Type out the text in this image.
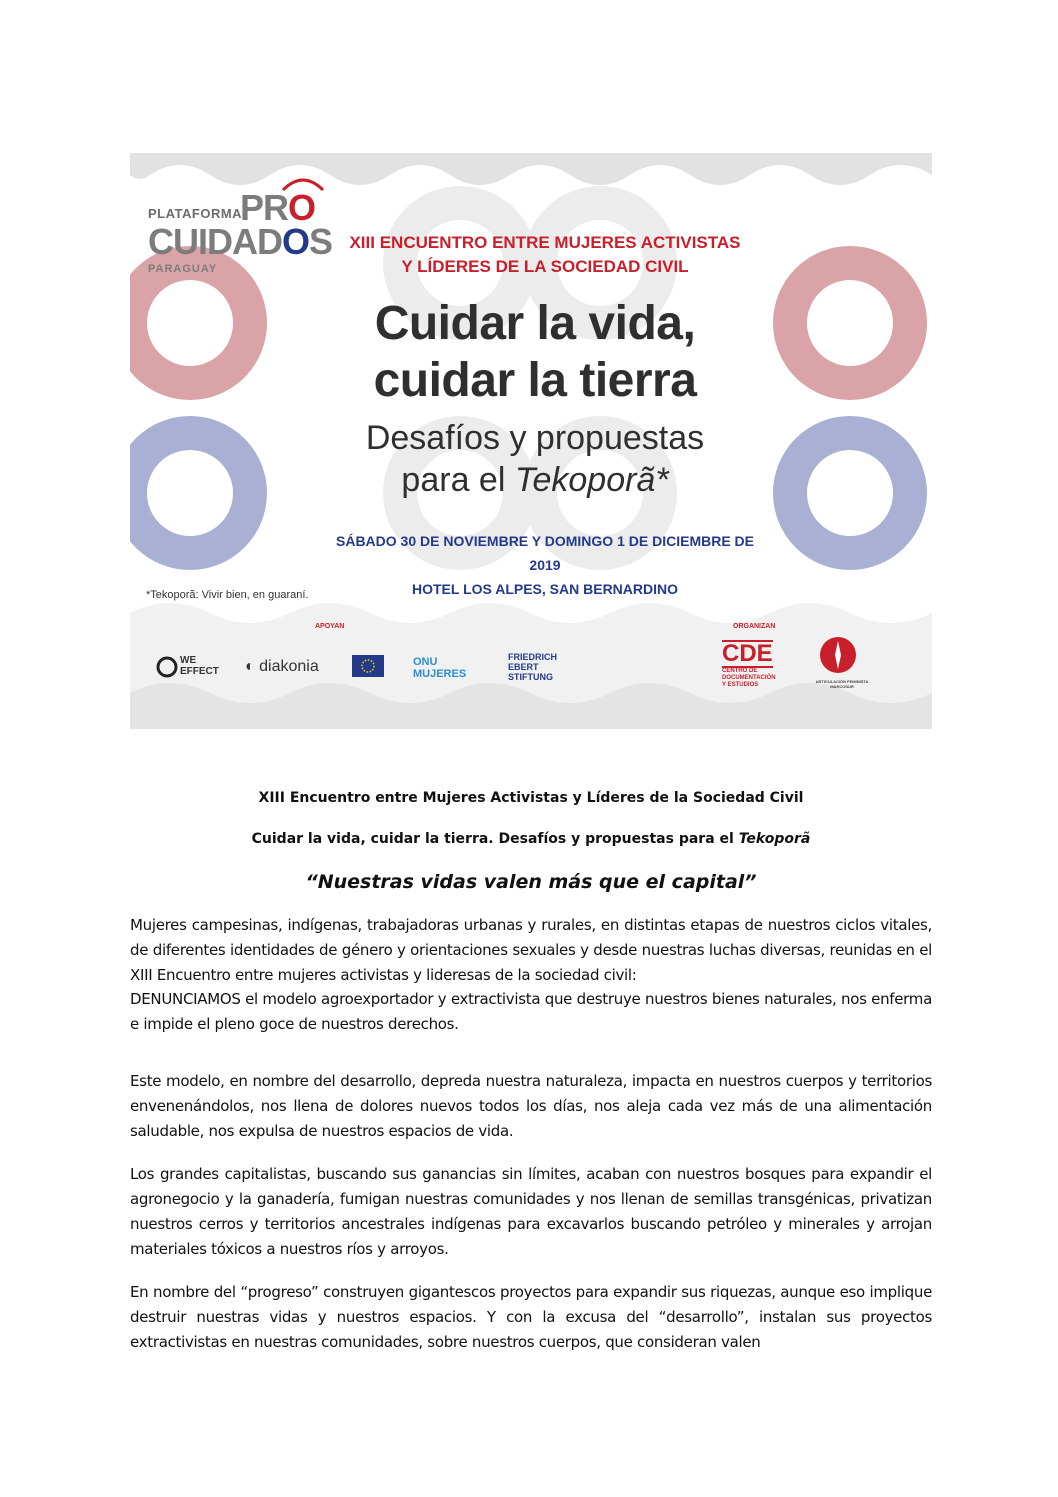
PLATAFORMA
PRO
CUIDADOS
PARAGUAY
XIII ENCUENTRO ENTRE MUJERES ACTIVISTAS
Y LÍDERES DE LA SOCIEDAD CIVIL
Cuidar la vida,
cuidar la tierra
Desafíos y propuestas
para el Tekoporã*
SÁBADO 30 DE NOVIEMBRE Y DOMINGO 1 DE DICIEMBRE DE 2019
HOTEL LOS ALPES, SAN BERNARDINO
*Tekoporã: Vivir bien, en guaraní.
APOYAN	ORGANIZAN
WE
EFFECT ◐ diakonia	ONU
MUJERES
FRIEDRICH
EBERT
STIFTUNG
CDE
CENTRO DE
DOCUMENTACIÓN
Y ESTUDIOS
ARTICULACIÓN FEMINISTA MARCOSUR
XIII Encuentro entre Mujeres Activistas y Líderes de la Sociedad Civil
Cuidar la vida, cuidar la tierra. Desafíos y propuestas para el Tekoporã
“Nuestras vidas valen más que el capital”

Mujeres campesinas, indígenas, trabajadoras urbanas y rurales, en distintas etapas de nuestros ciclos vitales, de diferentes identidades de género y orientaciones sexuales y desde nuestras luchas diversas, reunidas en el XIII Encuentro entre mujeres activistas y lideresas de la sociedad civil:

DENUNCIAMOS el modelo agroexportador y extractivista que destruye nuestros bienes naturales, nos enferma e impide el pleno goce de nuestros derechos.

Este modelo, en nombre del desarrollo, depreda nuestra naturaleza, impacta en nuestros cuerpos y territorios envenenándolos, nos llena de dolores nuevos todos los días, nos aleja cada vez más de una alimentación saludable, nos expulsa de nuestros espacios de vida.

Los grandes capitalistas, buscando sus ganancias sin límites, acaban con nuestros bosques para expandir el agronegocio y la ganadería, fumigan nuestras comunidades y nos llenan de semillas transgénicas, privatizan nuestros cerros y territorios ancestrales indígenas para excavarlos buscando petróleo y minerales y arrojan materiales tóxicos a nuestros ríos y arroyos.

En nombre del “progreso” construyen gigantescos proyectos para expandir sus riquezas, aunque eso implique destruir nuestras vidas y nuestros espacios. Y con la excusa del “desarrollo”, instalan sus proyectos extractivistas en nuestras comunidades, sobre nuestros cuerpos, que consideran valen
